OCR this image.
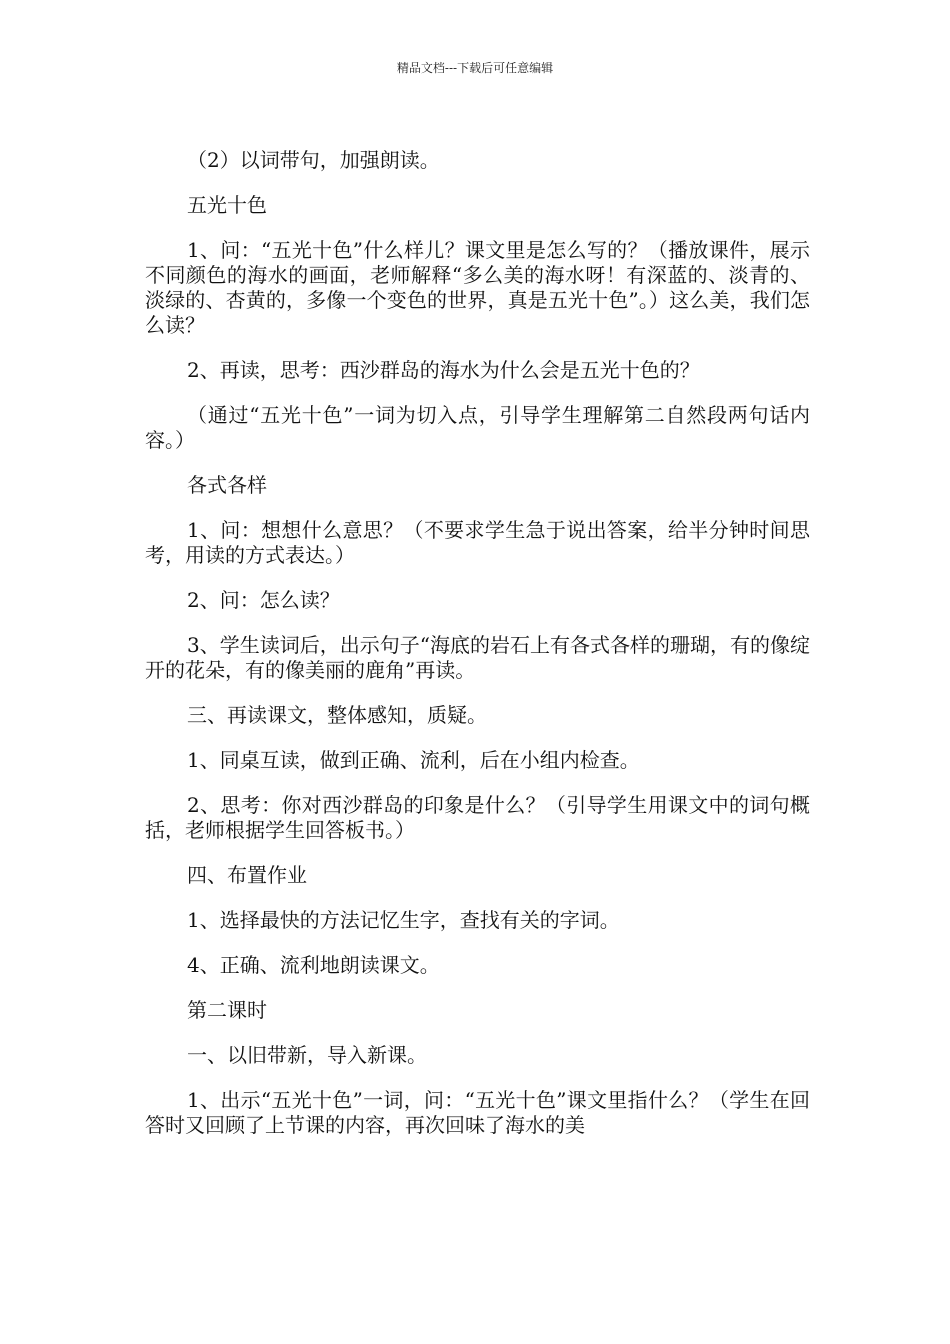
精品文档---下载后可任意编辑

（2）以词带句，加强朗读。

五光十色

1、问：“五光十色”什么样儿？课文里是怎么写的？（播放课件，展示不同颜色的海水的画面，老师解释“多么美的海水呀！有深蓝的、淡青的、淡绿的、杏黄的，多像一个变色的世界，真是五光十色”。）这么美，我们怎么读？

2、再读，思考：西沙群岛的海水为什么会是五光十色的？

（通过“五光十色”一词为切入点，引导学生理解第二自然段两句话内容。）

各式各样

1、问：想想什么意思？（不要求学生急于说出答案，给半分钟时间思考，用读的方式表达。）

2、问：怎么读？

3、学生读词后，出示句子“海底的岩石上有各式各样的珊瑚，有的像绽开的花朵，有的像美丽的鹿角”再读。

三、再读课文，整体感知，质疑。

1、同桌互读，做到正确、流利，后在小组内检查。

2、思考：你对西沙群岛的印象是什么？（引导学生用课文中的词句概括，老师根据学生回答板书。）

四、布置作业

1、选择最快的方法记忆生字，查找有关的字词。

4、正确、流利地朗读课文。

第二课时

一、以旧带新，导入新课。

1、出示“五光十色”一词，问：“五光十色”课文里指什么？（学生在回答时又回顾了上节课的内容，再次回味了海水的美
